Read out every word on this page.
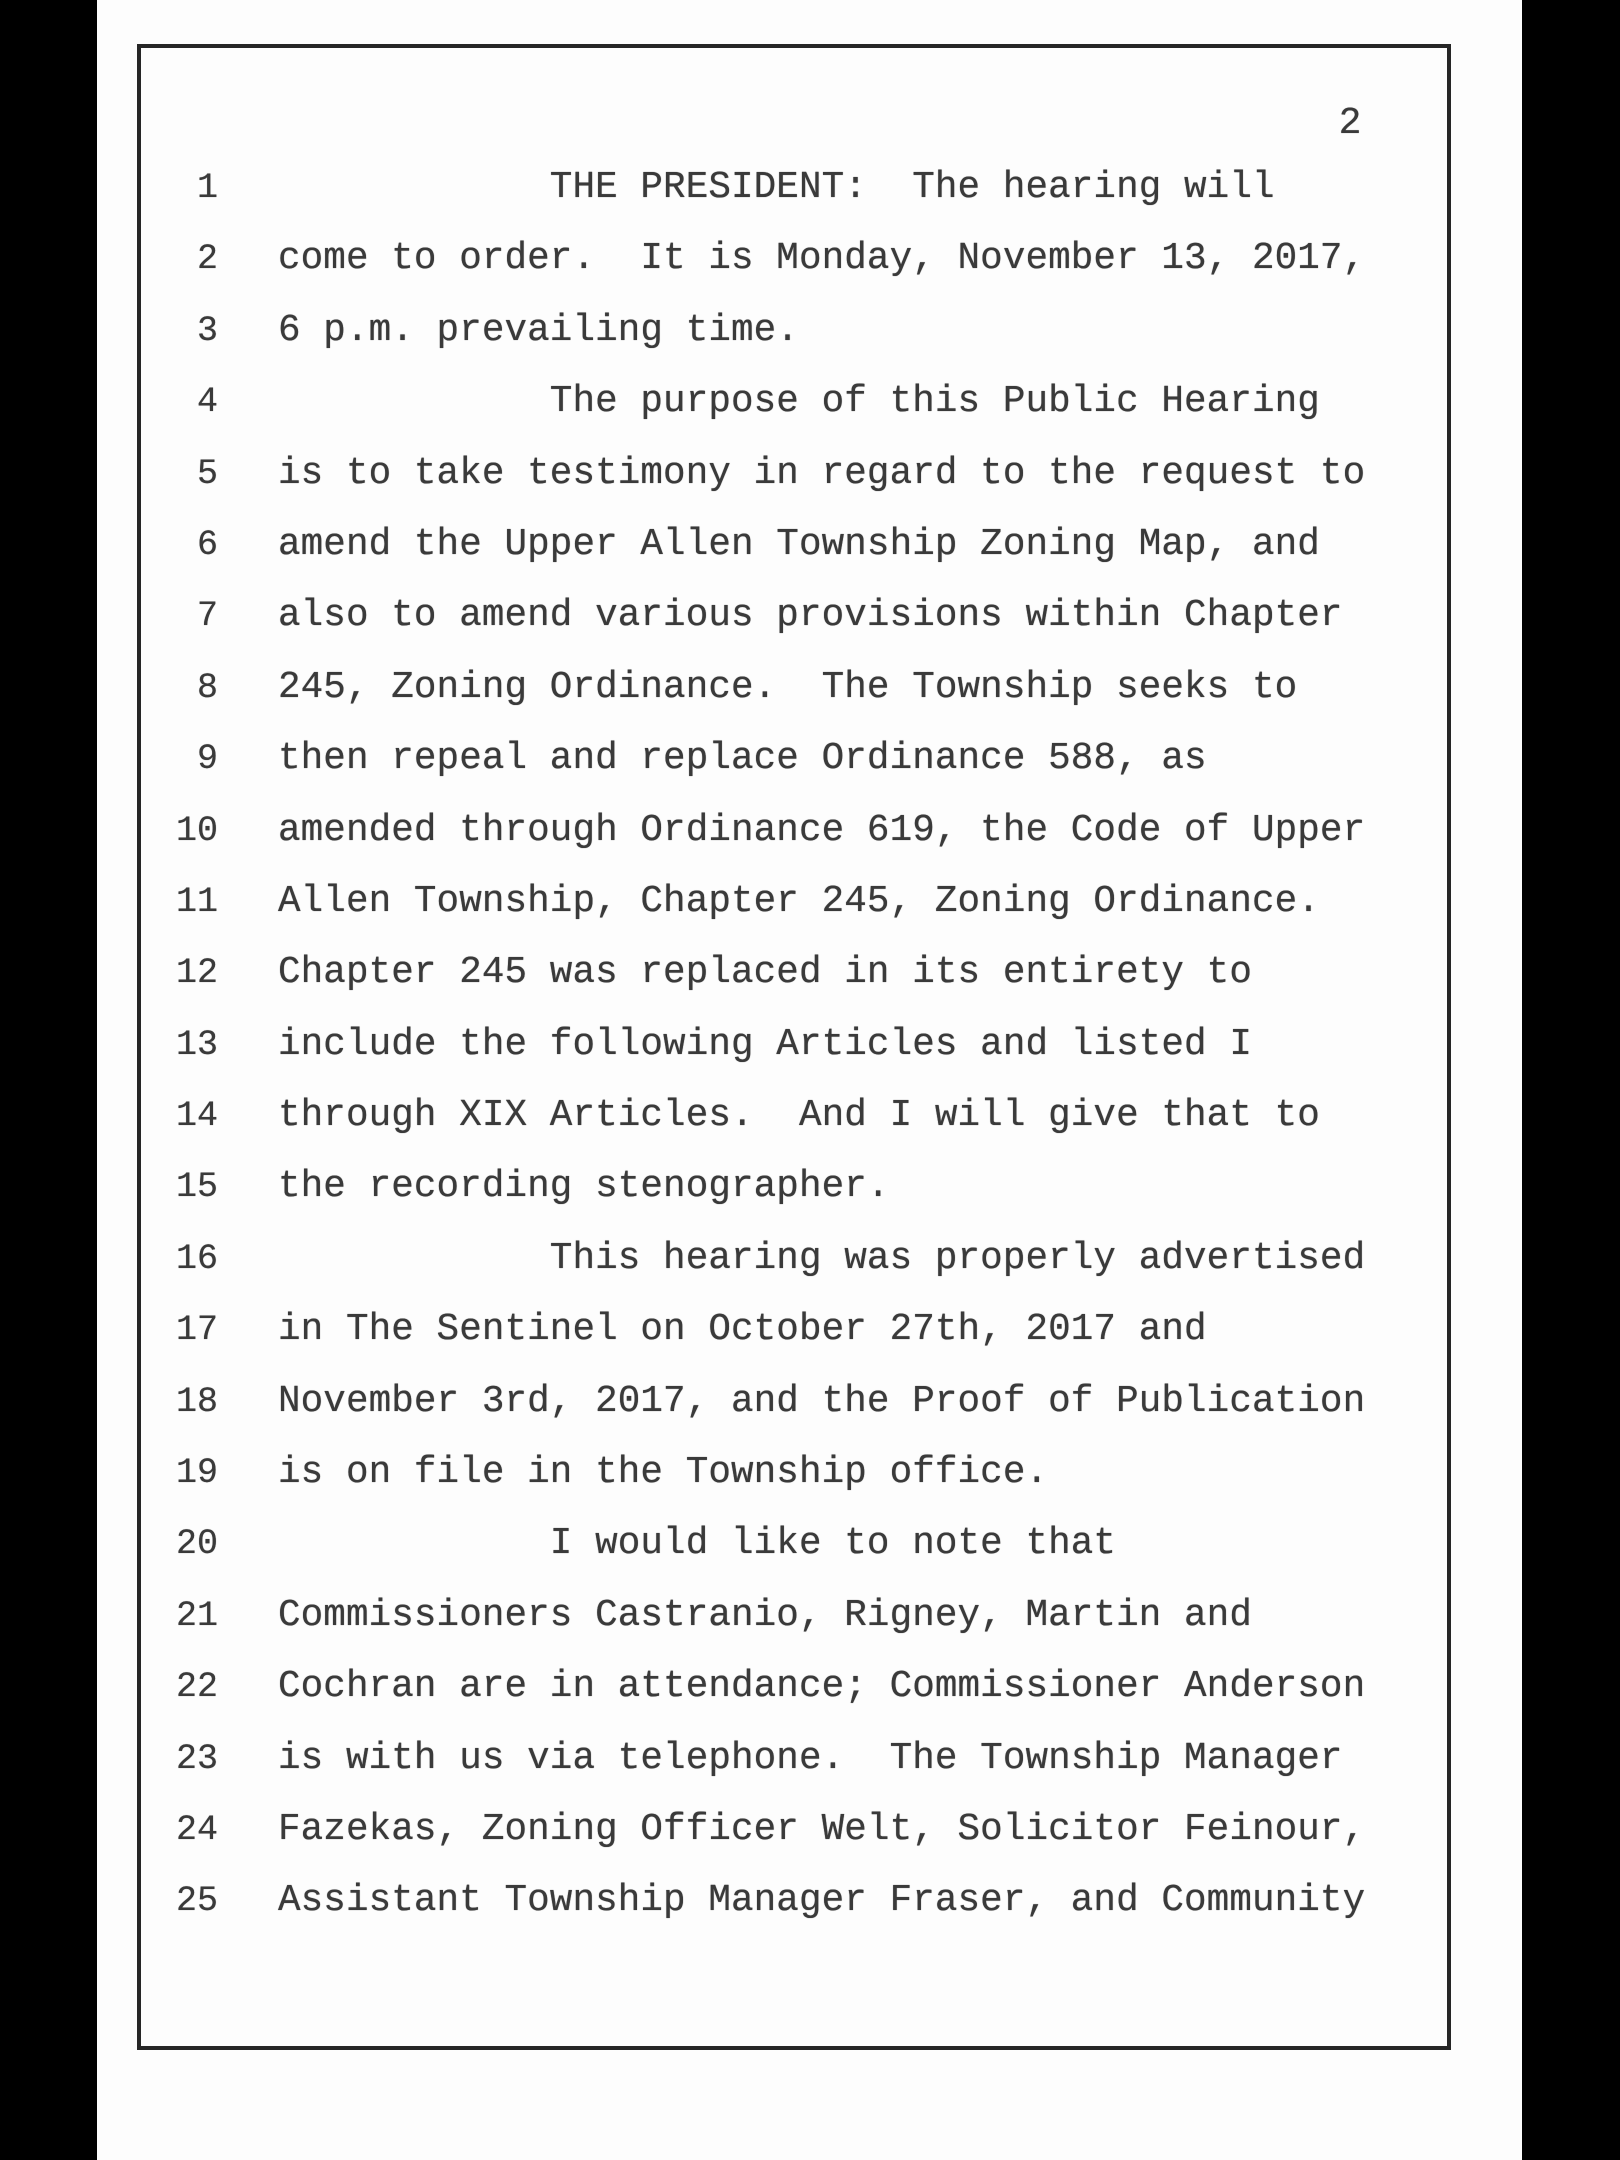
2
1 THE PRESIDENT:  The hearing will
2 come to order.  It is Monday, November 13, 2017,
3 6 p.m. prevailing time.
4 The purpose of this Public Hearing
5 is to take testimony in regard to the request to
6 amend the Upper Allen Township Zoning Map, and
7 also to amend various provisions within Chapter
8 245, Zoning Ordinance.  The Township seeks to
9 then repeal and replace Ordinance 588, as
10 amended through Ordinance 619, the Code of Upper
11 Allen Township, Chapter 245, Zoning Ordinance.
12 Chapter 245 was replaced in its entirety to
13 include the following Articles and listed I
14 through XIX Articles.  And I will give that to
15 the recording stenographer.
16 This hearing was properly advertised
17 in The Sentinel on October 27th, 2017 and
18 November 3rd, 2017, and the Proof of Publication
19 is on file in the Township office.
20 I would like to note that
21 Commissioners Castranio, Rigney, Martin and
22 Cochran are in attendance; Commissioner Anderson
23 is with us via telephone.  The Township Manager
24 Fazekas, Zoning Officer Welt, Solicitor Feinour,
25 Assistant Township Manager Fraser, and Community
